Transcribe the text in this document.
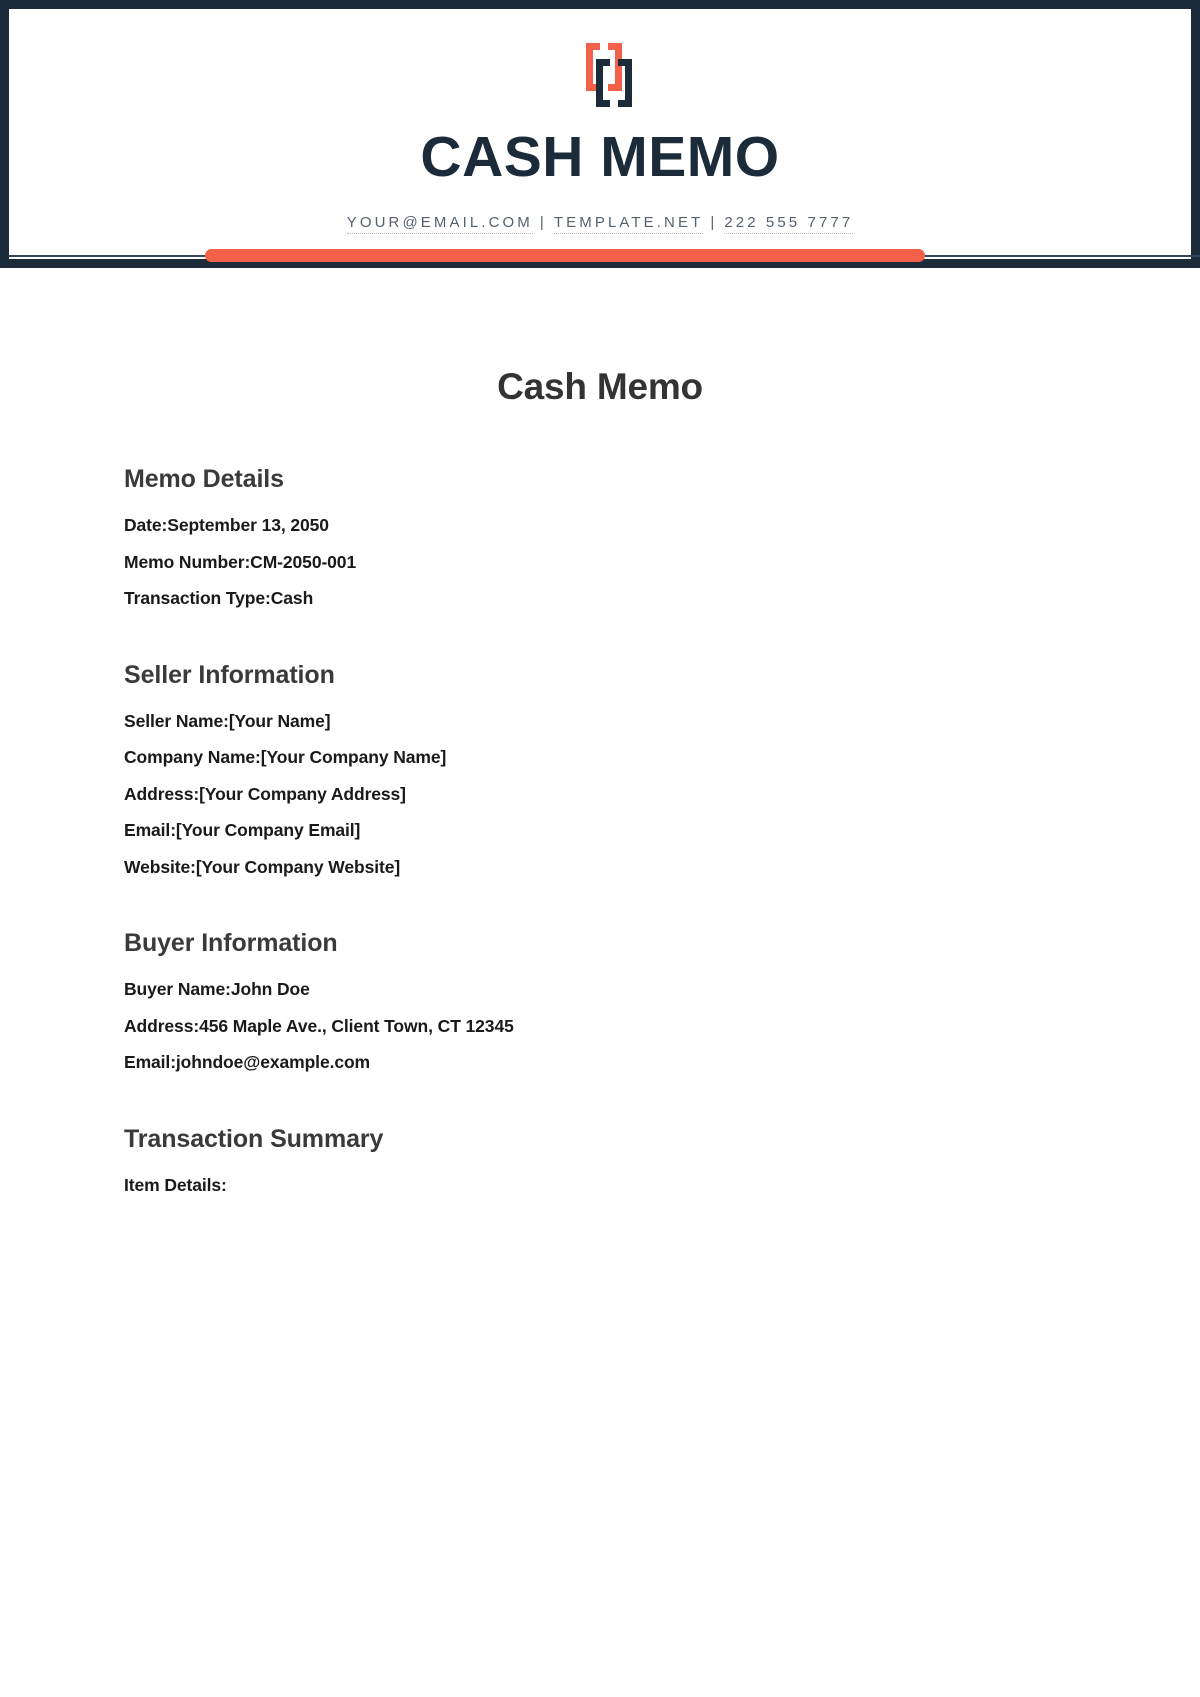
CASH MEMO
YOUR@EMAIL.COM | TEMPLATE.NET | 222 555 7777
Cash Memo
Memo Details

Date:September 13, 2050

Memo Number:CM-2050-001

Transaction Type:Cash

Seller Information

Seller Name:[Your Name]

Company Name:[Your Company Name]

Address:[Your Company Address]

Email:[Your Company Email]

Website:[Your Company Website]

Buyer Information

Buyer Name:John Doe

Address:456 Maple Ave., Client Town, CT 12345

Email:johndoe@example.com

Transaction Summary

Item Details:
